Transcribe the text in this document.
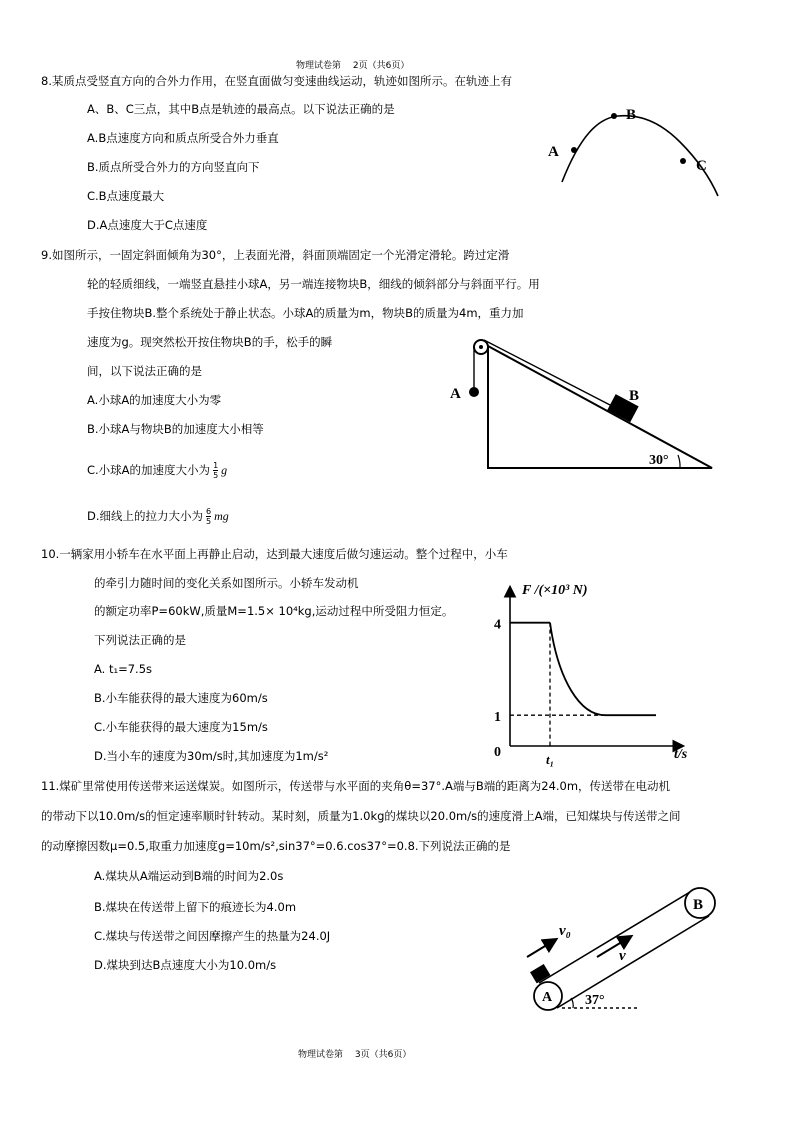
物理试卷第　 2页（共6页）
8.某质点受竖直方向的合外力作用，在竖直面做匀变速曲线运动，轨迹如图所示。在轨迹上有
A、B、C三点，其中B点是轨迹的最高点。以下说法正确的是
A.B点速度方向和质点所受合外力垂直
B.质点所受合外力的方向竖直向下
C.B点速度最大
D.A点速度大于C点速度
A
B
C
9.如图所示，一固定斜面倾角为30°，上表面光滑，斜面顶端固定一个光滑定滑轮。跨过定滑
轮的轻质细线，一端竖直悬挂小球A，另一端连接物块B，细线的倾斜部分与斜面平行。用
手按住物块B.整个系统处于静止状态。小球A的质量为m，物块B的质量为4m，重力加
速度为g。现突然松开按住物块B的手，松手的瞬
间，以下说法正确的是
A.小球A的加速度大小为零
B.小球A与物块B的加速度大小相等
C.小球A的加速度大小为 $\frac{1}{5}$ g
D.细线上的拉力大小为 $\frac{6}{5}$ mg
A	B
30°
10.一辆家用小轿车在水平面上再静止启动，达到最大速度后做匀速运动。整个过程中，小车
的牵引力随时间的变化关系如图所示。小轿车发动机
的额定功率P=60kW,质量M=1.5× 10⁴kg,运动过程中所受阻力恒定。
下列说法正确的是
A. t₁=7.5s
B.小车能获得的最大速度为60m/s
C.小车能获得的最大速度为15m/s
D.当小车的速度为30m/s时,其加速度为1m/s²
F /(×10³ N)
t/s
0
4
1
t₁
11.煤矿里常使用传送带来运送煤炭。如图所示，传送带与水平面的夹角θ=37°.A端与B端的距离为24.0m，传送带在电动机
的带动下以10.0m/s的恒定速率顺时针转动。某时刻，质量为1.0kg的煤块以20.0m/s的速度滑上A端，已知煤块与传送带之间
的动摩擦因数μ=0.5,取重力加速度g=10m/s²,sin37°=0.6.cos37°=0.8.下列说法正确的是
A.煤块从A端运动到B端的时间为2.0s
B.煤块在传送带上留下的痕迹长为4.0m
C.煤块与传送带之间因摩擦产生的热量为24.0J
D.煤块到达B点速度大小为10.0m/s
A
B
v₀
v
37°
物理试卷第　 3页（共6页）
